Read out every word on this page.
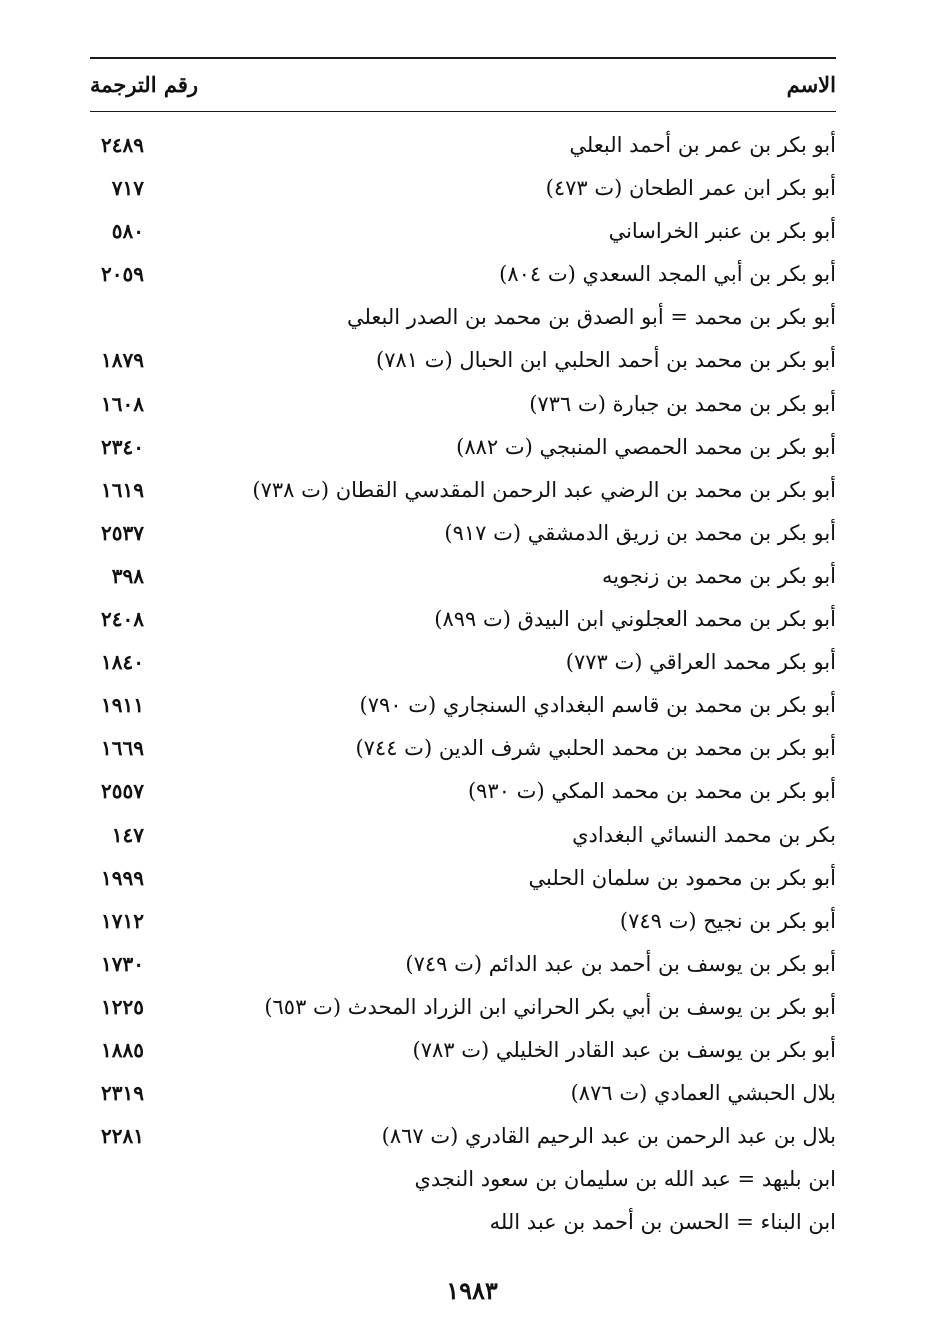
الاسم
رقم الترجمة
أبو بكر بن عمر بن أحمد البعلي
٢٤٨٩
أبو بكر ابن عمر الطحان (ت ٤٧٣)
٧١٧
أبو بكر بن عنبر الخراساني
٥٨٠
أبو بكر بن أبي المجد السعدي (ت ٨٠٤)
٢٠٥٩
أبو بكر بن محمد = أبو الصدق بن محمد بن الصدر البعلي
أبو بكر بن محمد بن أحمد الحلبي ابن الحبال (ت ٧٨١)
١٨٧٩
أبو بكر بن محمد بن جبارة (ت ٧٣٦)
١٦٠٨
أبو بكر بن محمد الحمصي المنبجي (ت ٨٨٢)
٢٣٤٠
أبو بكر بن محمد بن الرضي عبد الرحمن المقدسي القطان (ت ٧٣٨)
١٦١٩
أبو بكر بن محمد بن زريق الدمشقي (ت ٩١٧)
٢٥٣٧
أبو بكر بن محمد بن زنجويه
٣٩٨
أبو بكر بن محمد العجلوني ابن البيدق (ت ٨٩٩)
٢٤٠٨
أبو بكر محمد العراقي (ت ٧٧٣)
١٨٤٠
أبو بكر بن محمد بن قاسم البغدادي السنجاري (ت ٧٩٠)
١٩١١
أبو بكر بن محمد بن محمد الحلبي شرف الدين (ت ٧٤٤)
١٦٦٩
أبو بكر بن محمد بن محمد المكي (ت ٩٣٠)
٢٥٥٧
بكر بن محمد النسائي البغدادي
١٤٧
أبو بكر بن محمود بن سلمان الحلبي
١٩٩٩
أبو بكر بن نجيح (ت ٧٤٩)
١٧١٢
أبو بكر بن يوسف بن أحمد بن عبد الدائم (ت ٧٤٩)
١٧٣٠
أبو بكر بن يوسف بن أبي بكر الحراني ابن الزراد المحدث (ت ٦٥٣)
١٢٢٥
أبو بكر بن يوسف بن عبد القادر الخليلي (ت ٧٨٣)
١٨٨٥
بلال الحبشي العمادي (ت ٨٧٦)
٢٣١٩
بلال بن عبد الرحمن بن عبد الرحيم القادري (ت ٨٦٧)
٢٢٨١
ابن بليهد = عبد الله بن سليمان بن سعود النجدي
ابن البناء = الحسن بن أحمد بن عبد الله
١٩٨٣
